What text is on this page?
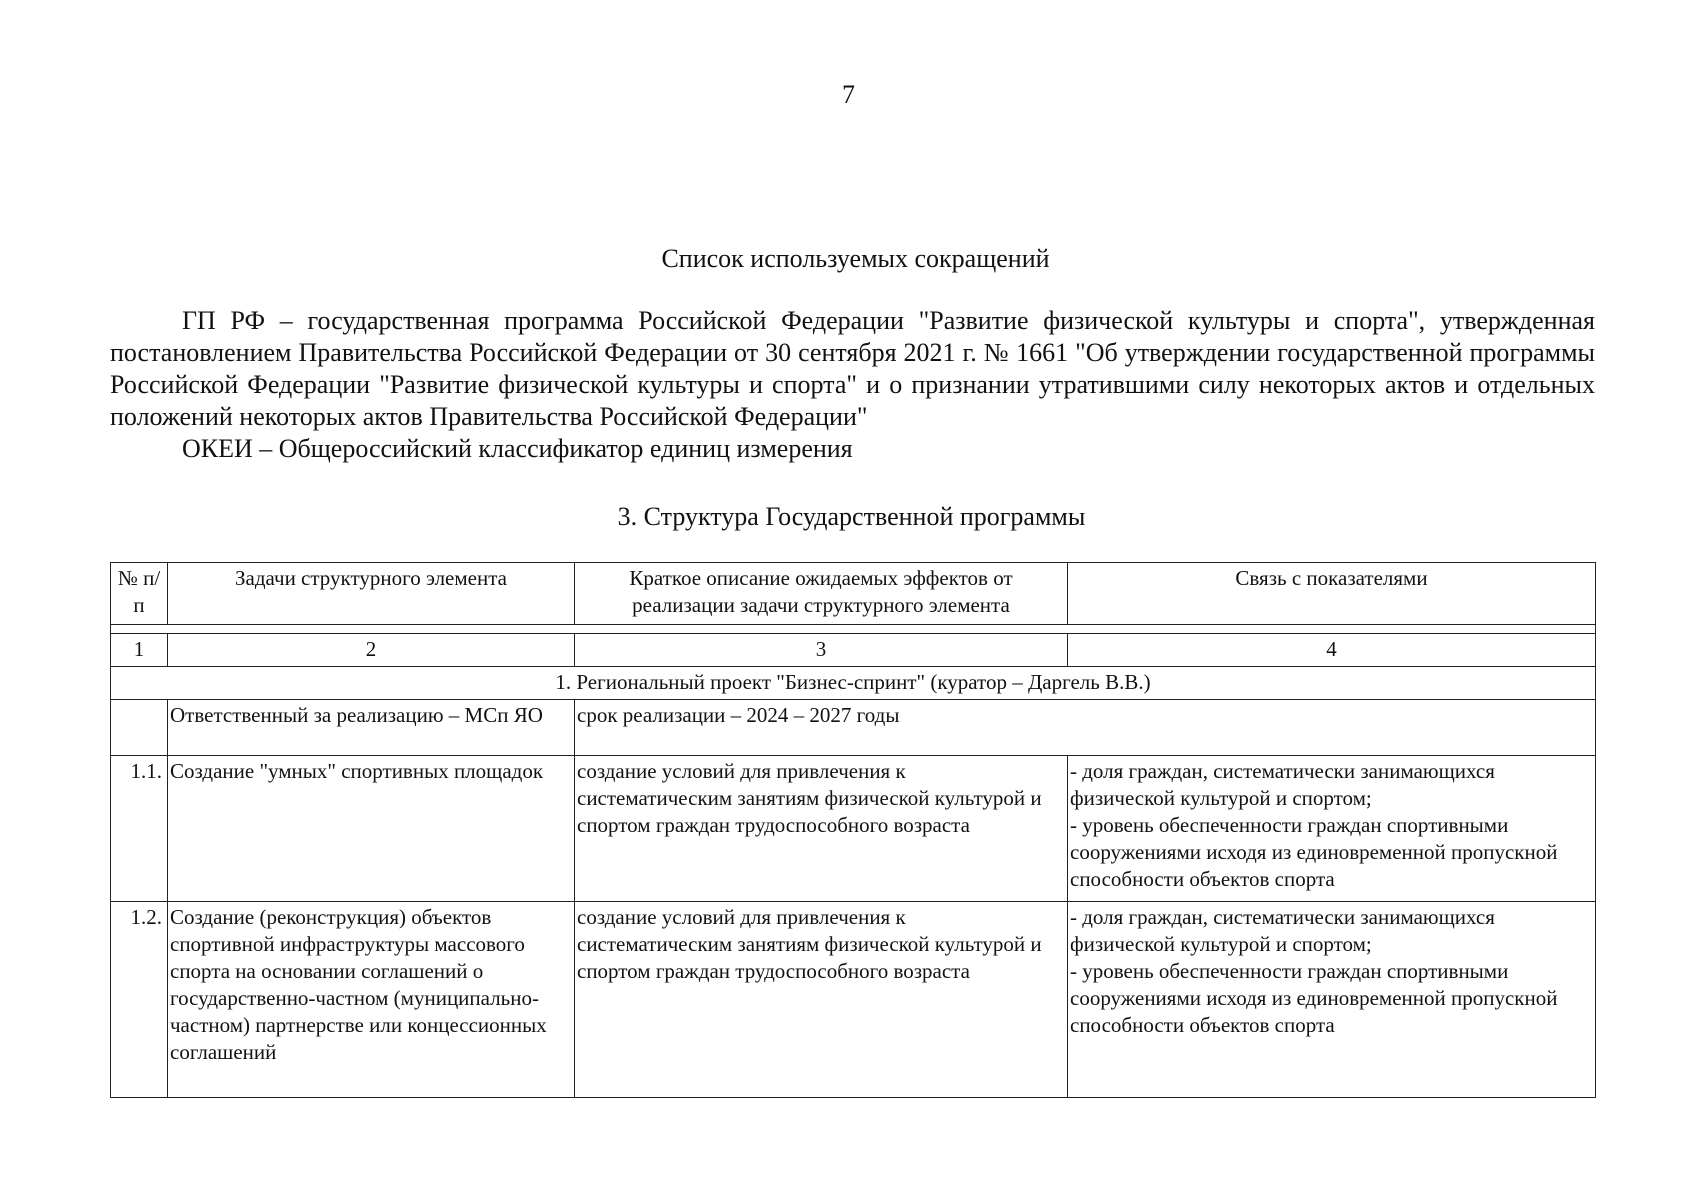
7
Список используемых сокращений

ГП РФ – государственная программа Российской Федерации "Развитие физической культуры и спорта", утвержденная постановлением Правительства Российской Федерации от 30 сентября 2021 г. № 1661 "Об утверждении государственной программы Российской Федерации "Развитие физической культуры и спорта" и о признании утратившими силу некоторых актов и отдельных положений некоторых актов Правительства Российской Федерации"

ОКЕИ – Общероссийский классификатор единиц измерения

3. Структура Государственной программы
№ п/п	Задачи структурного элемента	Краткое описание ожидаемых эффектов от реализации задачи структурного элемента	Связь с показателями

1	2	3	4
1. Региональный проект "Бизнес-спринт" (куратор – Даргель В.В.)			
	Ответственный за реализацию – МСп ЯО	срок реализации – 2024 – 2027 годы	
1.1.	Создание "умных" спортивных площадок	создание условий для привлечения к систематическим занятиям физической культурой и спортом граждан трудоспособного возраста	- доля граждан, систематически занимающихся физической культурой и спортом;
- уровень обеспеченности граждан спортивными сооружениями исходя из единовременной пропускной способности объектов спорта

1.2.	Создание (реконструкция) объектов спортивной инфраструктуры массового спорта на основании соглашений о государственно-частном (муниципально-частном) партнерстве или концессионных соглашений	создание условий для привлечения к систематическим занятиям физической культурой и спортом граждан трудоспособного возраста	- доля граждан, систематически занимающихся физической культурой и спортом;
- уровень обеспеченности граждан спортивными сооружениями исходя из единовременной пропускной способности объектов спорта
